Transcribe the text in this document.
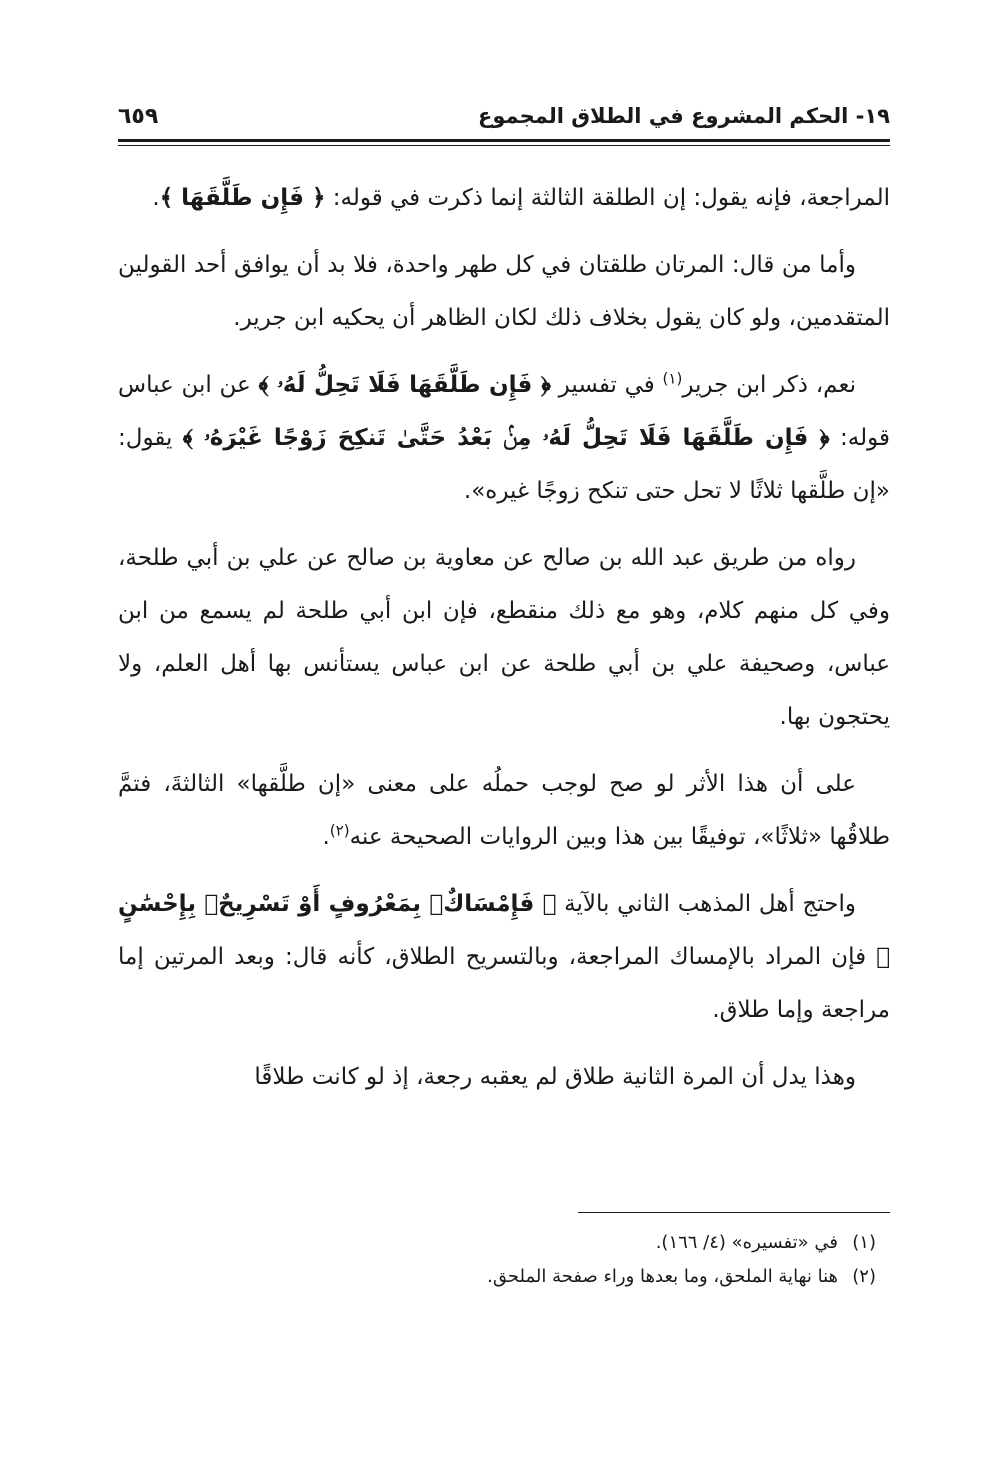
١٩- الحكم المشروع في الطلاق المجموع
٦٥٩

المراجعة، فإنه يقول: إن الطلقة الثالثة إنما ذكرت في قوله: ﴿ فَإِن طَلَّقَهَا ﴾.

وأما من قال: المرتان طلقتان في كل طهر واحدة، فلا بد أن يوافق أحد القولين المتقدمين، ولو كان يقول بخلاف ذلك لكان الظاهر أن يحكيه ابن جرير.

نعم، ذكر ابن جرير$^{(١)}$ في تفسير ﴿ فَإِن طَلَّقَهَا فَلَا تَحِلُّ لَهُۥ ﴾ عن ابن عباس قوله: ﴿ فَإِن طَلَّقَهَا فَلَا تَحِلُّ لَهُۥ مِنۢ بَعْدُ حَتَّىٰ تَنكِحَ زَوْجًا غَيْرَهُۥ ﴾ يقول: «إن طلَّقها ثلاثًا لا تحل حتى تنكح زوجًا غيره».

رواه من طريق عبد الله بن صالح عن معاوية بن صالح عن علي بن أبي طلحة، وفي كل منهم كلام، وهو مع ذلك منقطع، فإن ابن أبي طلحة لم يسمع من ابن عباس، وصحيفة علي بن أبي طلحة عن ابن عباس يستأنس بها أهل العلم، ولا يحتجون بها.

على أن هذا الأثر لو صح لوجب حملُه على معنى «إن طلَّقها» الثالثةَ، فتمَّ طلاقُها «ثلاثًا»، توفيقًا بين هذا وبين الروايات الصحيحة عنه$^{(٢)}$.

واحتج أهل المذهب الثاني بالآية ﴿ فَإِمْسَاكٌۢ بِمَعْرُوفٍ أَوْ تَسْرِيحٌۢ بِإِحْسَٰنٍ ﴾ فإن المراد بالإمساك المراجعة، وبالتسريح الطلاق، كأنه قال: وبعد المرتين إما مراجعة وإما طلاق.

وهذا يدل أن المرة الثانية طلاق لم يعقبه رجعة، إذ لو كانت طلاقًا

(١)في «تفسيره» (٤/ ١٦٦).

(٢)هنا نهاية الملحق، وما بعدها وراء صفحة الملحق.
